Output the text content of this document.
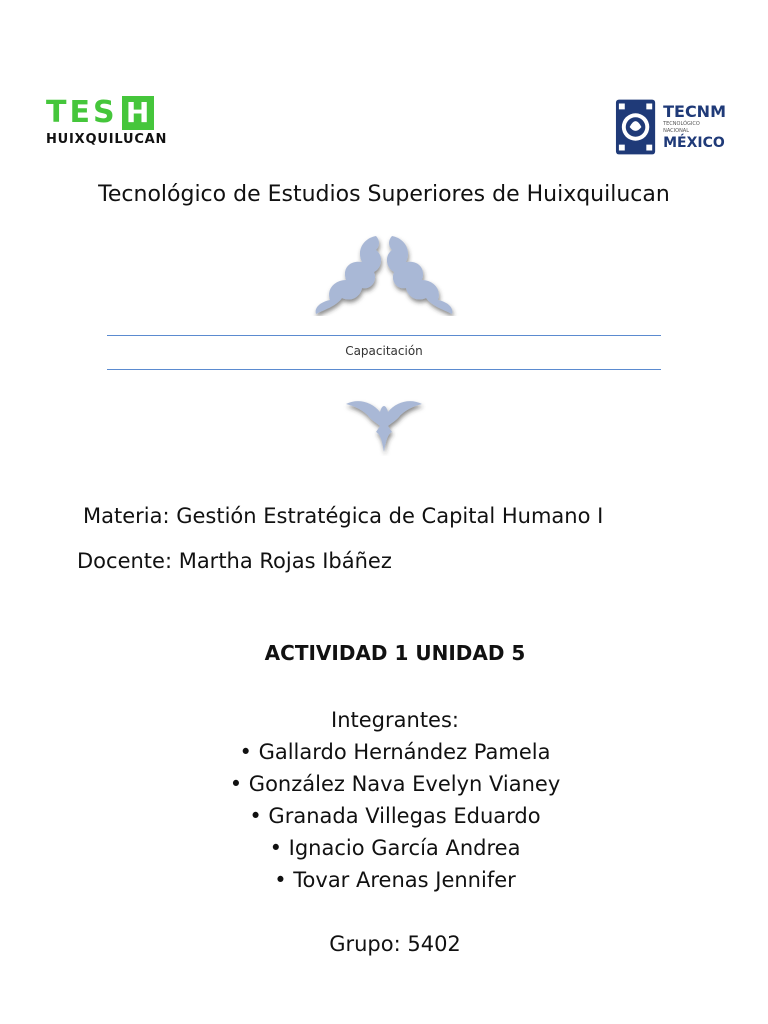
TES H
HUIXQUILUCAN
TECNM
TECNOLÓGICO NACIONAL
MÉXICO
Tecnológico de Estudios Superiores de Huixquilucan
Capacitación
Materia: Gestión Estratégica de Capital Humano I
Docente: Martha Rojas Ibáñez
ACTIVIDAD 1 UNIDAD 5
Integrantes:
• Gallardo Hernández Pamela
• González Nava Evelyn Vianey
• Granada Villegas Eduardo
• Ignacio García Andrea
• Tovar Arenas Jennifer
Grupo: 5402
